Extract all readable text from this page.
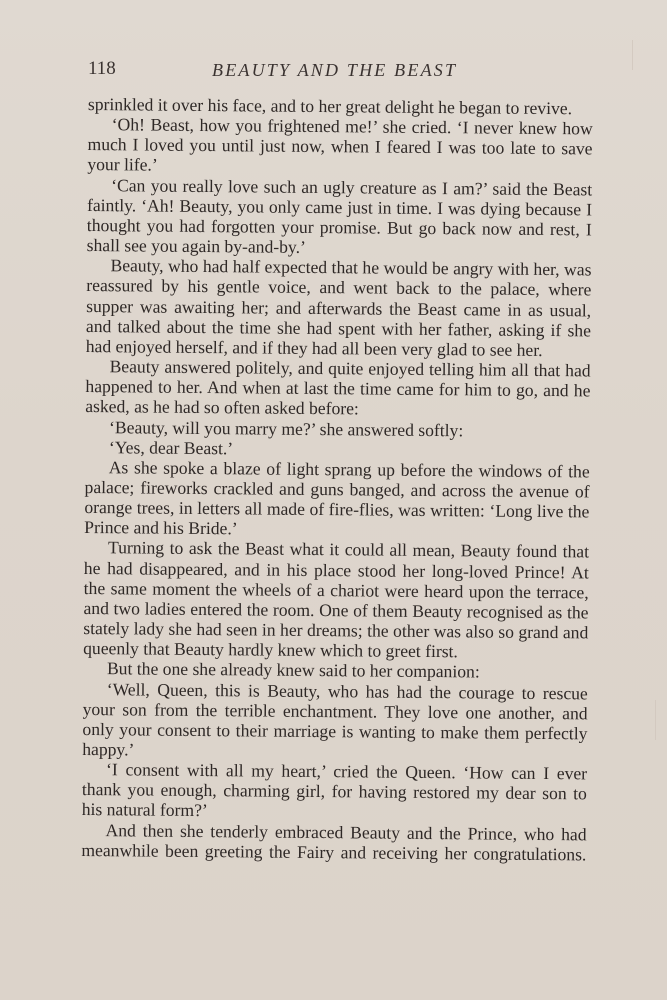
118	BEAUTY AND THE BEAST

sprinkled it over his face, and to her great delight he began to revive.

‘Oh! Beast, how you frightened me!’ she cried. ‘I never knew how much I loved you until just now, when I feared I was too late to save your life.’

‘Can you really love such an ugly creature as I am?’ said the Beast faintly. ‘Ah! Beauty, you only came just in time. I was dying because I thought you had forgotten your promise. But go back now and rest, I shall see you again by-and-by.’

Beauty, who had half expected that he would be angry with her, was reassured by his gentle voice, and went back to the palace, where supper was awaiting her; and afterwards the Beast came in as usual, and talked about the time she had spent with her father, asking if she had enjoyed herself, and if they had all been very glad to see her.

Beauty answered politely, and quite enjoyed telling him all that had happened to her. And when at last the time came for him to go, and he asked, as he had so often asked before:

‘Beauty, will you marry me?’ she answered softly:

‘Yes, dear Beast.’

As she spoke a blaze of light sprang up before the windows of the palace; fireworks crackled and guns banged, and across the avenue of orange trees, in letters all made of fire-flies, was written: ‘Long live the Prince and his Bride.’

Turning to ask the Beast what it could all mean, Beauty found that he had disappeared, and in his place stood her long-loved Prince! At the same moment the wheels of a chariot were heard upon the terrace, and two ladies entered the room. One of them Beauty recognised as the stately lady she had seen in her dreams; the other was also so grand and queenly that Beauty hardly knew which to greet first.

But the one she already knew said to her companion:

‘Well, Queen, this is Beauty, who has had the courage to rescue your son from the terrible enchantment. They love one another, and only your consent to their marriage is wanting to make them perfectly happy.’

‘I consent with all my heart,’ cried the Queen. ‘How can I ever thank you enough, charming girl, for having restored my dear son to his natural form?’

And then she tenderly embraced Beauty and the Prince, who had meanwhile been greeting the Fairy and receiving her congratulations.
